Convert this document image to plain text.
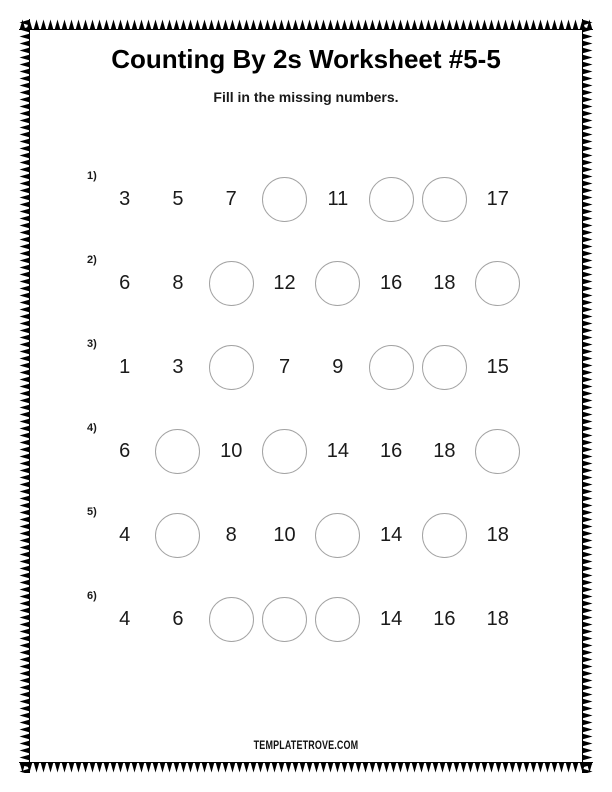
Counting By 2s Worksheet #5-5
Fill in the missing numbers.
1)
3 5 7	11	17
2)
6 8	12	16 18
3)
1 3	7 9	15
4)
6	10	14 16 18
5)
4	8 10	14	18
6)
4 6	14 16 18
TEMPLATETROVE.COM
